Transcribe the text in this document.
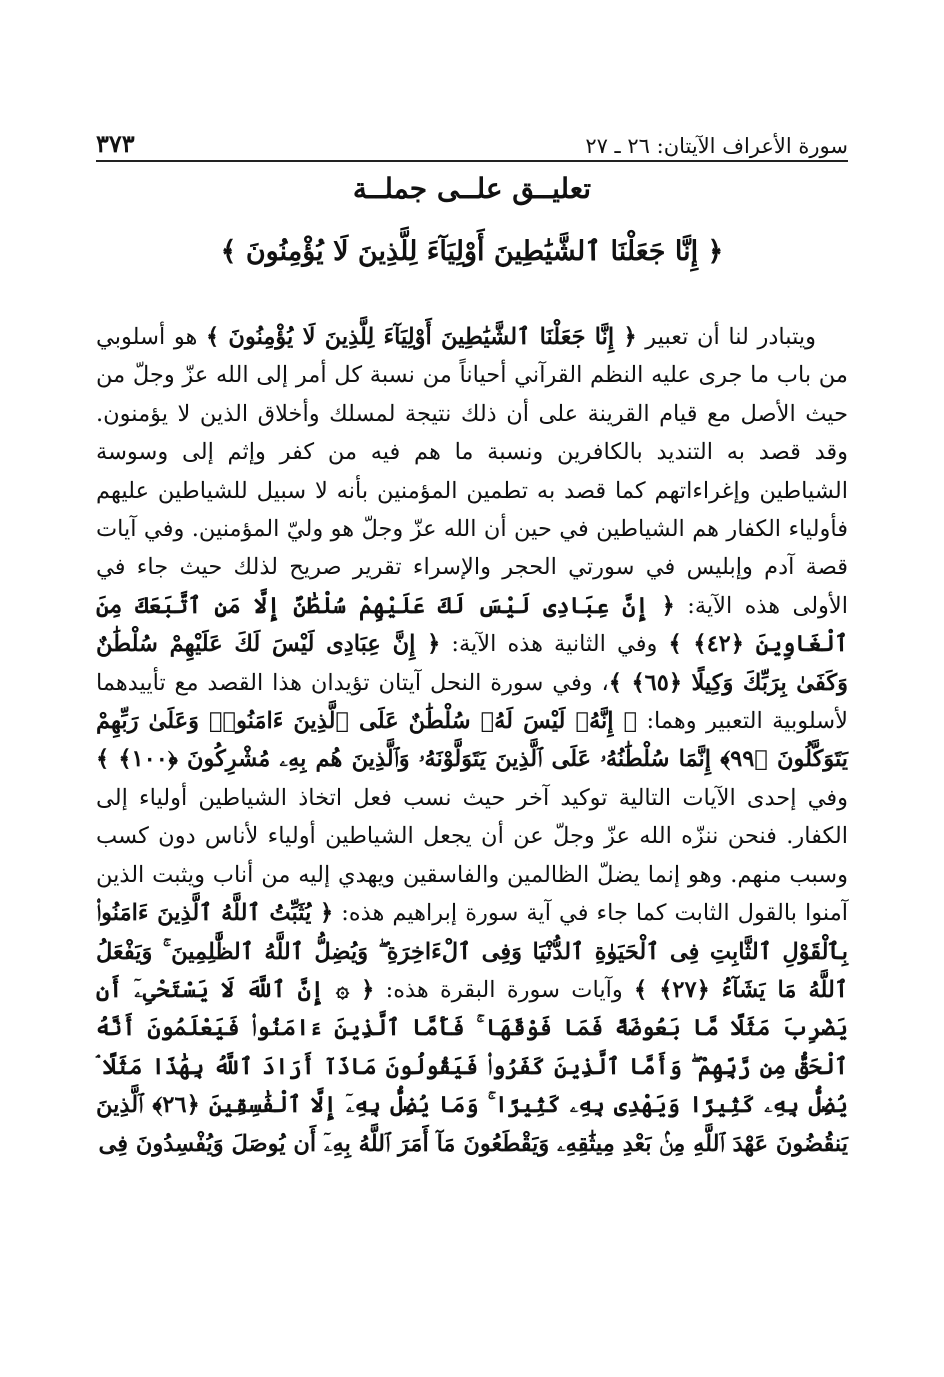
سورة الأعراف الآيتان: ٢٦ ـ ٢٧
٣٧٣
تعليــق علــى جملــة
﴿ إِنَّا جَعَلْنَا ٱلشَّيَٰطِينَ أَوْلِيَآءَ لِلَّذِينَ لَا يُؤْمِنُونَ ﴾

ويتبادر لنا أن تعبير ﴿ إِنَّا جَعَلْنَا ٱلشَّيَٰطِينَ أَوْلِيَآءَ لِلَّذِينَ لَا يُؤْمِنُونَ ﴾ هو أسلوبي من باب ما جرى عليه النظم القرآني أحياناً من نسبة كل أمر إلى الله عزّ وجلّ من حيث الأصل مع قيام القرينة على أن ذلك نتيجة لمسلك وأخلاق الذين لا يؤمنون. وقد قصد به التنديد بالكافرين ونسبة ما هم فيه من كفر وإثم إلى وسوسة الشياطين وإغراءاتهم كما قصد به تطمين المؤمنين بأنه لا سبيل للشياطين عليهم فأولياء الكفار هم الشياطين في حين أن الله عزّ وجلّ هو وليّ المؤمنين. وفي آيات قصة آدم وإبليس في سورتي الحجر والإسراء تقرير صريح لذلك حيث جاء في الأولى هذه الآية: ﴿ إِنَّ عِبَادِى لَيْسَ لَكَ عَلَيْهِمْ سُلْطَٰنٌ إِلَّا مَنِ ٱتَّبَعَكَ مِنَ ٱلْغَاوِينَ ﴿٤٢﴾ ﴾ وفي الثانية هذه الآية: ﴿ إِنَّ عِبَادِى لَيْسَ لَكَ عَلَيْهِمْ سُلْطَٰنٌ وَكَفَىٰ بِرَبِّكَ وَكِيلًا ﴿٦٥﴾ ﴾، وفي سورة النحل آيتان تؤيدان هذا القصد مع تأييدهما لأسلوبية التعبير وهما: ﴿ إِنَّهُۥ لَيْسَ لَهُۥ سُلْطَٰنٌ عَلَى ٱلَّذِينَ ءَامَنُوا۟ وَعَلَىٰ رَبِّهِمْ يَتَوَكَّلُونَ ﴿٩٩﴾ إِنَّمَا سُلْطَٰنُهُۥ عَلَى ٱلَّذِينَ يَتَوَلَّوْنَهُۥ وَٱلَّذِينَ هُم بِهِۦ مُشْرِكُونَ ﴿١٠٠﴾ ﴾ وفي إحدى الآيات التالية توكيد آخر حيث نسب فعل اتخاذ الشياطين أولياء إلى الكفار. فنحن ننزّه الله عزّ وجلّ عن أن يجعل الشياطين أولياء لأناس دون كسب وسبب منهم. وهو إنما يضلّ الظالمين والفاسقين ويهدي إليه من أناب ويثبت الذين آمنوا بالقول الثابت كما جاء في آية سورة إبراهيم هذه: ﴿ يُثَبِّتُ ٱللَّهُ ٱلَّذِينَ ءَامَنُوا۟ بِٱلْقَوْلِ ٱلثَّابِتِ فِى ٱلْحَيَوٰةِ ٱلدُّنْيَا وَفِى ٱلْءَاخِرَةِ ۖ وَيُضِلُّ ٱللَّهُ ٱلظَّٰلِمِينَ ۚ وَيَفْعَلُ ٱللَّهُ مَا يَشَآءُ ﴿٢٧﴾ ﴾ وآيات سورة البقرة هذه: ﴿ ۞ إِنَّ ٱللَّهَ لَا يَسْتَحْىِۦٓ أَن يَضْرِبَ مَثَلًا مَّا بَعُوضَةً فَمَا فَوْقَهَا ۚ فَأَمَّا ٱلَّذِينَ ءَامَنُوا۟ فَيَعْلَمُونَ أَنَّهُ ٱلْحَقُّ مِن رَّبِّهِمْ ۖ وَأَمَّا ٱلَّذِينَ كَفَرُوا۟ فَيَقُولُونَ مَاذَآ أَرَادَ ٱللَّهُ بِهَٰذَا مَثَلًا ۘ يُضِلُّ بِهِۦ كَثِيرًا وَيَهْدِى بِهِۦ كَثِيرًا ۚ وَمَا يُضِلُّ بِهِۦٓ إِلَّا ٱلْفَٰسِقِينَ ﴿٢٦﴾ ٱلَّذِينَ يَنقُضُونَ عَهْدَ ٱللَّهِ مِنۢ بَعْدِ مِيثَٰقِهِۦ وَيَقْطَعُونَ مَآ أَمَرَ ٱللَّهُ بِهِۦٓ أَن يُوصَلَ وَيُفْسِدُونَ فِى
